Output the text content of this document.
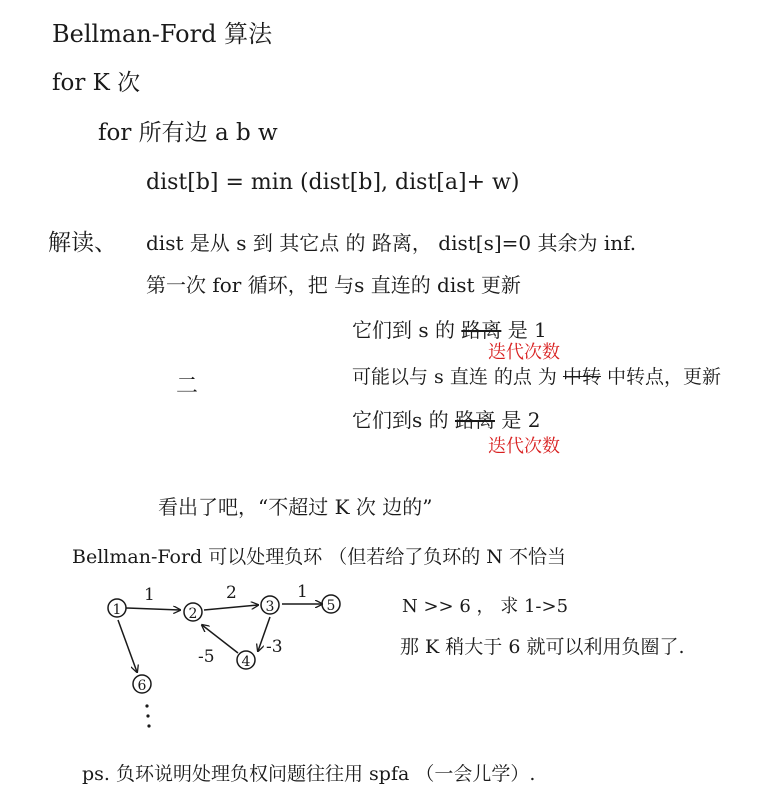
Bellman-Ford 算法
for K 次
for 所有边 a b w
dist[b] = min (dist[b], dist[a]+ w)
解读、 dist 是从 s 到 其它点 的 路离， dist[s]=0 其余为 inf.
第一次 for 循环，把 与s 直连的 dist 更新
它们到 s 的 路离 是 1
迭代次数
二	可能以与 s 直连 的点 为 中转 中转点，更新
它们到s 的 路离 是 2
迭代次数
看出了吧，“不超过 K 次 边的”
Bellman-Ford 可以处理负环 （但若给了负环的 N 不恰当
1	2	3	5
4
6
1	2	1
-5	-3
N >> 6 ， 求 1->5
那 K 稍大于 6 就可以利用负圈了.
ps. 负环说明处理负权问题往往用 spfa （一会儿学）.
